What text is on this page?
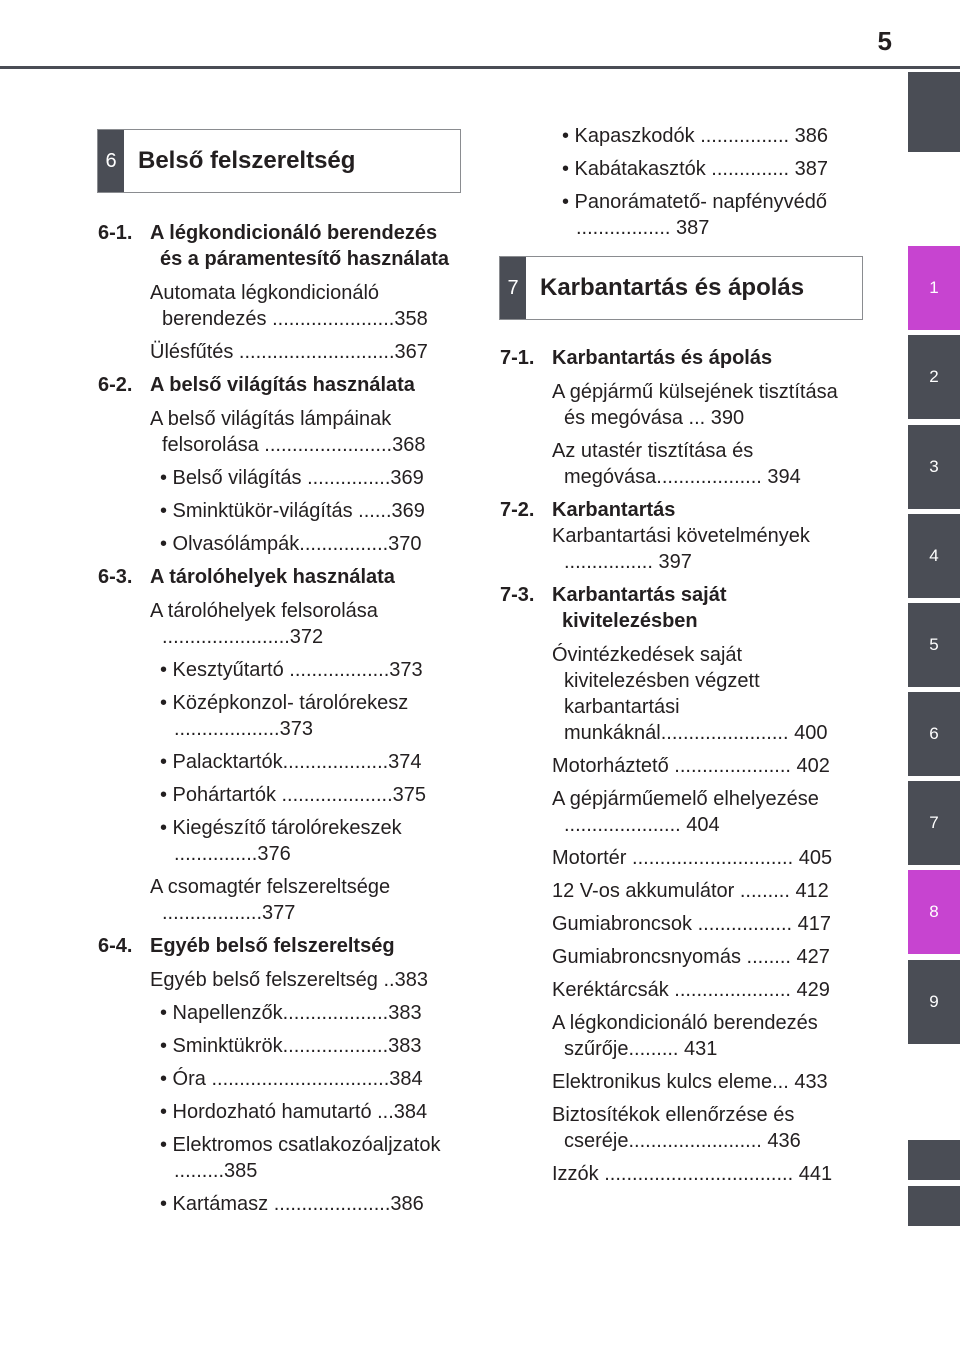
5
1
2
3
4
5
6
7
8
9
6 Belső felszereltség
6-1. A légkondicionáló berendezés és a páramentesítő használata
Automata légkondicionáló berendezés ......................358
Ülésfűtés ............................367
6-2. A belső világítás használata
A belső világítás lámpáinak felsorolása .......................368
• Belső világítás ...............369
• Sminktükör-világítás ......369
• Olvasólámpák................370
6-3. A tárolóhelyek használata
A tárolóhelyek felsorolása .......................372
• Kesztyűtartó ..................373
• Középkonzol- tárolórekesz ...................373
• Palacktartók...................374
• Pohártartók ....................375
• Kiegészítő tárolórekeszek ...............376
A csomagtér felszereltsége ..................377
6-4. Egyéb belső felszereltség
Egyéb belső felszereltség ..383
• Napellenzők...................383
• Sminktükrök...................383
• Óra ................................384
• Hordozható hamutartó ...384
• Elektromos csatlakozóaljzatok .........385
• Kartámasz .....................386
• Kapaszkodók ................ 386
• Kabátakasztók .............. 387
• Panorámatető- napfényvédő ................. 387
7 Karbantartás és ápolás
7-1. Karbantartás és ápolás
A gépjármű külsejének tisztítása és megóvása ... 390
Az utastér tisztítása és megóvása................... 394
7-2. Karbantartás
Karbantartási követelmények ................ 397
7-3. Karbantartás saját kivitelezésben
Óvintézkedések saját kivitelezésben végzett karbantartási munkáknál....................... 400
Motorháztető ..................... 402
A gépjárműemelő elhelyezése ..................... 404
Motortér ............................. 405
12 V-os akkumulátor ......... 412
Gumiabroncsok ................. 417
Gumiabroncsnyomás ........ 427
Keréktárcsák ..................... 429
A légkondicionáló berendezés szűrője......... 431
Elektronikus kulcs eleme... 433
Biztosítékok ellenőrzése és cseréje........................ 436
Izzók .................................. 441
